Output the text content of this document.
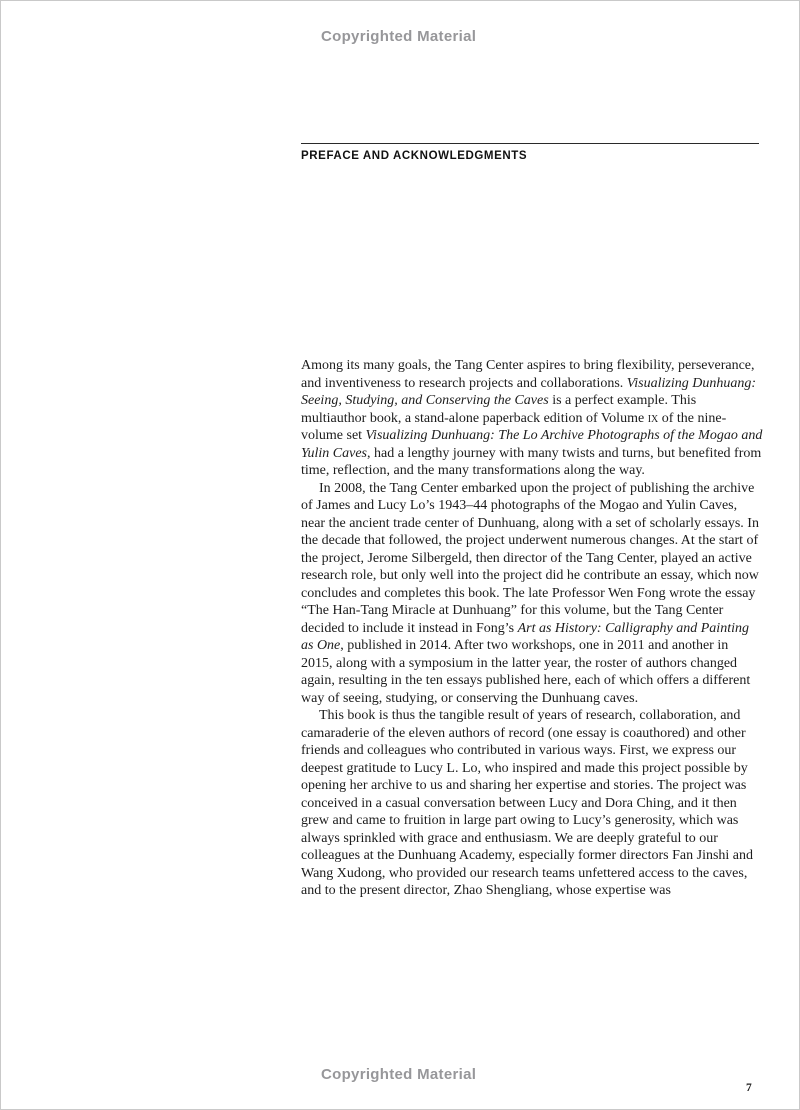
Copyrighted Material
PREFACE AND ACKNOWLEDGMENTS

Among its many goals, the Tang Center aspires to bring flexibility, perseverance, and inventiveness to research projects and collaborations. Visualizing Dunhuang: Seeing, Studying, and Conserving the Caves is a perfect example. This multiauthor book, a stand-alone paperback edition of Volume ix of the nine-volume set Visualizing Dunhuang: The Lo Archive Photographs of the Mogao and Yulin Caves, had a lengthy journey with many twists and turns, but benefited from time, reflection, and the many transformations along the way.

In 2008, the Tang Center embarked upon the project of publishing the archive of James and Lucy Lo’s 1943–44 photographs of the Mogao and Yulin Caves, near the ancient trade center of Dunhuang, along with a set of scholarly essays. In the decade that followed, the project underwent numerous changes. At the start of the project, Jerome Silbergeld, then director of the Tang Center, played an active research role, but only well into the project did he contribute an essay, which now concludes and completes this book. The late Professor Wen Fong wrote the essay “The Han-Tang Miracle at Dunhuang” for this volume, but the Tang Center decided to include it instead in Fong’s Art as History: Calligraphy and Painting as One, published in 2014. After two workshops, one in 2011 and another in 2015, along with a symposium in the latter year, the roster of authors changed again, resulting in the ten essays published here, each of which offers a different way of seeing, studying, or conserving the Dunhuang caves.

This book is thus the tangible result of years of research, collaboration, and camaraderie of the eleven authors of record (one essay is coauthored) and other friends and colleagues who contributed in various ways. First, we express our deepest gratitude to Lucy L. Lo, who inspired and made this project possible by opening her archive to us and sharing her expertise and stories. The project was conceived in a casual conversation between Lucy and Dora Ching, and it then grew and came to fruition in large part owing to Lucy’s generosity, which was always sprinkled with grace and enthusiasm. We are deeply grateful to our colleagues at the Dunhuang Academy, especially former directors Fan Jinshi and Wang Xudong, who provided our research teams unfettered access to the caves, and to the present director, Zhao Shengliang, whose expertise was

Copyrighted Material
7
